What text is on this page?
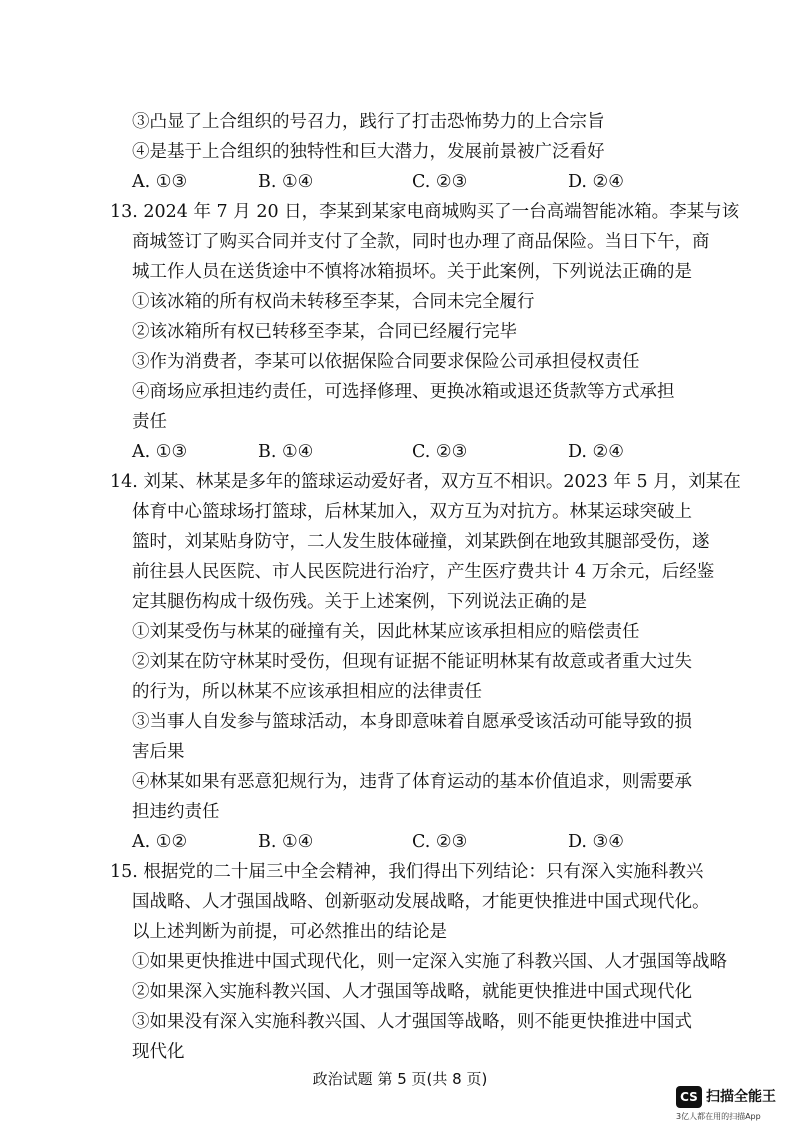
③凸显了上合组织的号召力，践行了打击恐怖势力的上合宗旨
④是基于上合组织的独特性和巨大潜力，发展前景被广泛看好
A. ①③	B. ①④	C. ②③	D. ②④
13. 2024 年 7 月 20 日，李某到某家电商城购买了一台高端智能冰箱。李某与该
商城签订了购买合同并支付了全款，同时也办理了商品保险。当日下午，商
城工作人员在送货途中不慎将冰箱损坏。关于此案例，下列说法正确的是
①该冰箱的所有权尚未转移至李某，合同未完全履行
②该冰箱所有权已转移至李某，合同已经履行完毕
③作为消费者，李某可以依据保险合同要求保险公司承担侵权责任
④商场应承担违约责任，可选择修理、更换冰箱或退还货款等方式承担
责任
A. ①③	B. ①④	C. ②③	D. ②④
14. 刘某、林某是多年的篮球运动爱好者，双方互不相识。2023 年 5 月，刘某在
体育中心篮球场打篮球，后林某加入，双方互为对抗方。林某运球突破上
篮时，刘某贴身防守，二人发生肢体碰撞，刘某跌倒在地致其腿部受伤，遂
前往县人民医院、市人民医院进行治疗，产生医疗费共计 4 万余元，后经鉴
定其腿伤构成十级伤残。关于上述案例，下列说法正确的是
①刘某受伤与林某的碰撞有关，因此林某应该承担相应的赔偿责任
②刘某在防守林某时受伤，但现有证据不能证明林某有故意或者重大过失
的行为，所以林某不应该承担相应的法律责任
③当事人自发参与篮球活动，本身即意味着自愿承受该活动可能导致的损
害后果
④林某如果有恶意犯规行为，违背了体育运动的基本价值追求，则需要承
担违约责任
A. ①②	B. ①④	C. ②③	D. ③④
15. 根据党的二十届三中全会精神，我们得出下列结论：只有深入实施科教兴
国战略、人才强国战略、创新驱动发展战略，才能更快推进中国式现代化。
以上述判断为前提，可必然推出的结论是
①如果更快推进中国式现代化，则一定深入实施了科教兴国、人才强国等战略
②如果深入实施科教兴国、人才强国等战略，就能更快推进中国式现代化
③如果没有深入实施科教兴国、人才强国等战略，则不能更快推进中国式
现代化
政治试题 第 5 页(共 8 页)
CS 扫描全能王
3亿人都在用的扫描App
